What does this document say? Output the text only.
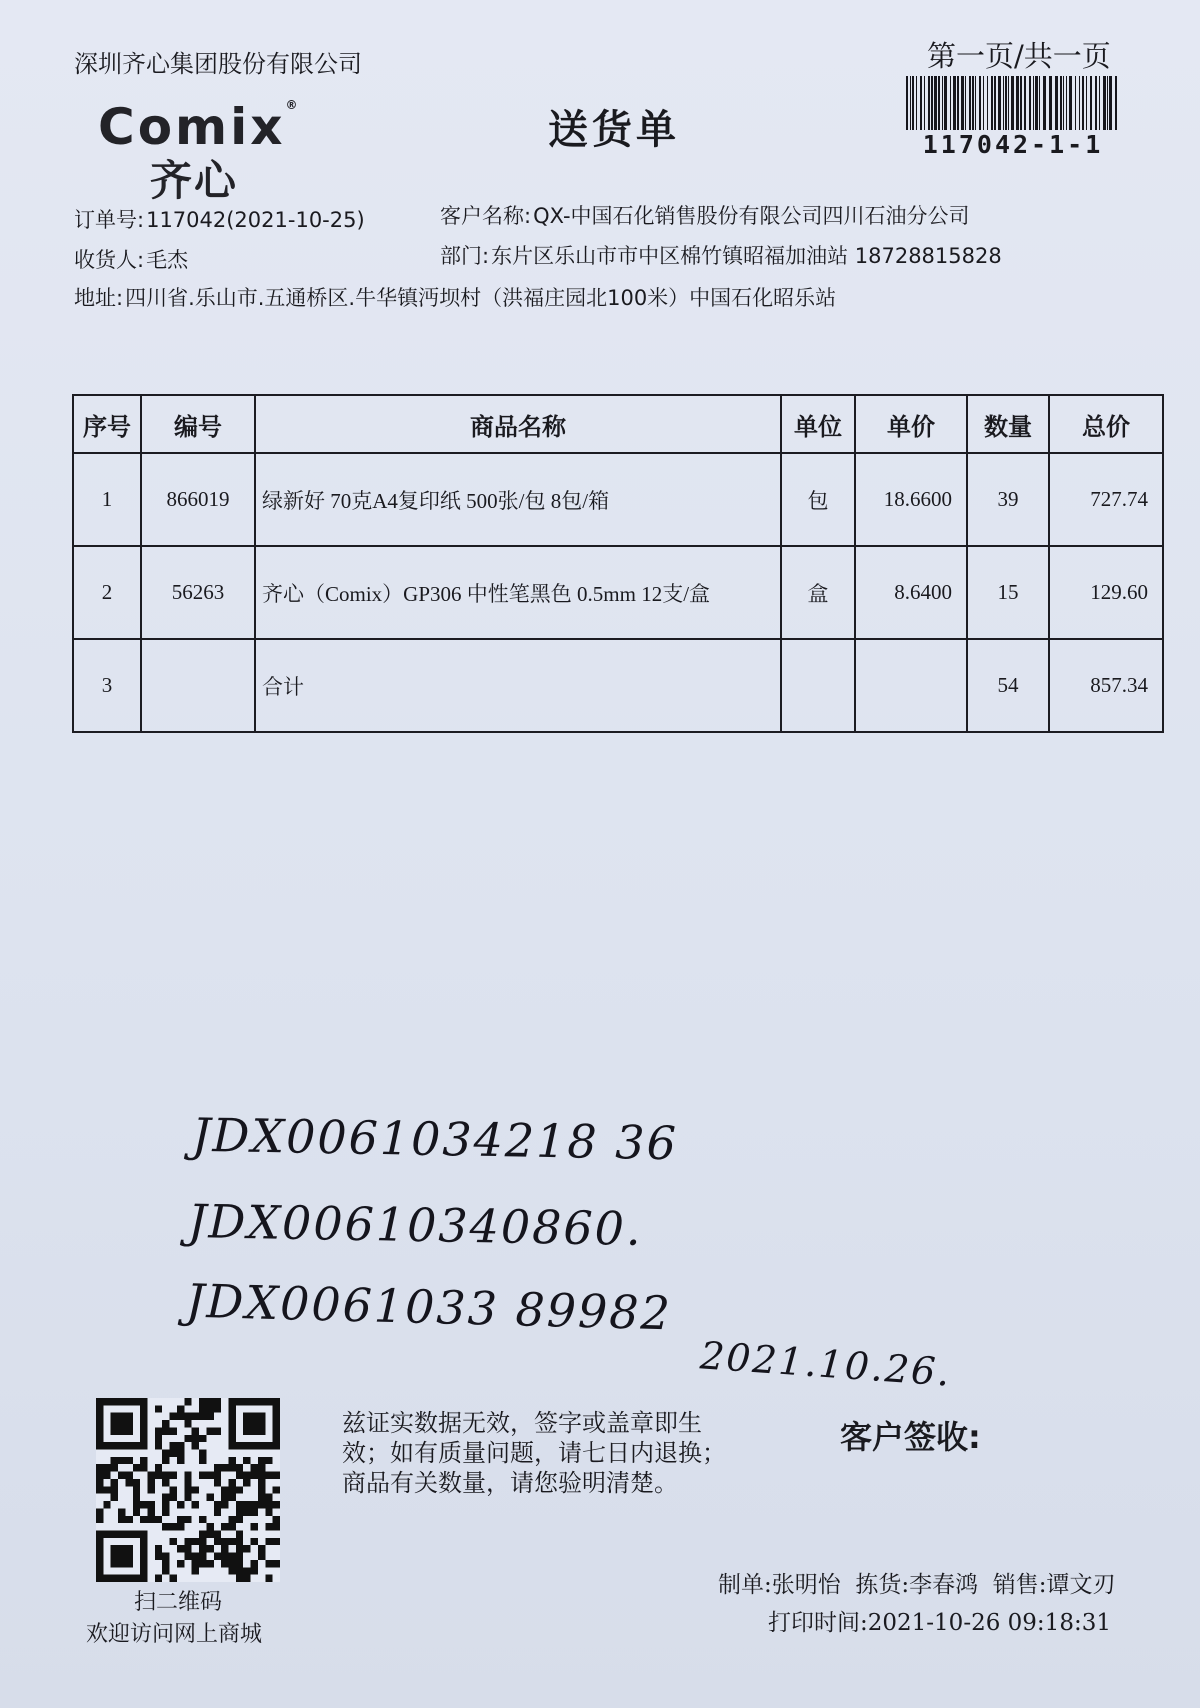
深圳齐心集团股份有限公司	第一页/共一页
117042-1-1
Comix®
齐心
送货单
订单号:117042(2021-10-25)	客户名称:QX-中国石化销售股份有限公司四川石油分公司
收货人:毛杰	部门:东片区乐山市市中区棉竹镇昭福加油站 18728815828
地址:四川省.乐山市.五通桥区.牛华镇沔坝村（洪福庄园北100米）中国石化昭乐站
序号	编号	商品名称	单位	单价	数量	总价
1	866019	绿新好 70克A4复印纸 500张/包 8包/箱	包	18.6600	39	727.74
2	56263	齐心（Comix）GP306 中性笔黑色 0.5mm 12支/盒	盒	8.6400	15	129.60
3		合计			54	857.34
JDX0061034218 36
JDX00610340860.
JDX0061033 89982
2021.10.26.
扫二维码
欢迎访问网上商城
兹证实数据无效，签字或盖章即生效；如有质量问题，请七日内退换；商品有关数量，请您验明清楚。
客户签收:
制单:张明怡 拣货:李春鸿 销售:谭文刃
打印时间:2021-10-26 09:18:31
